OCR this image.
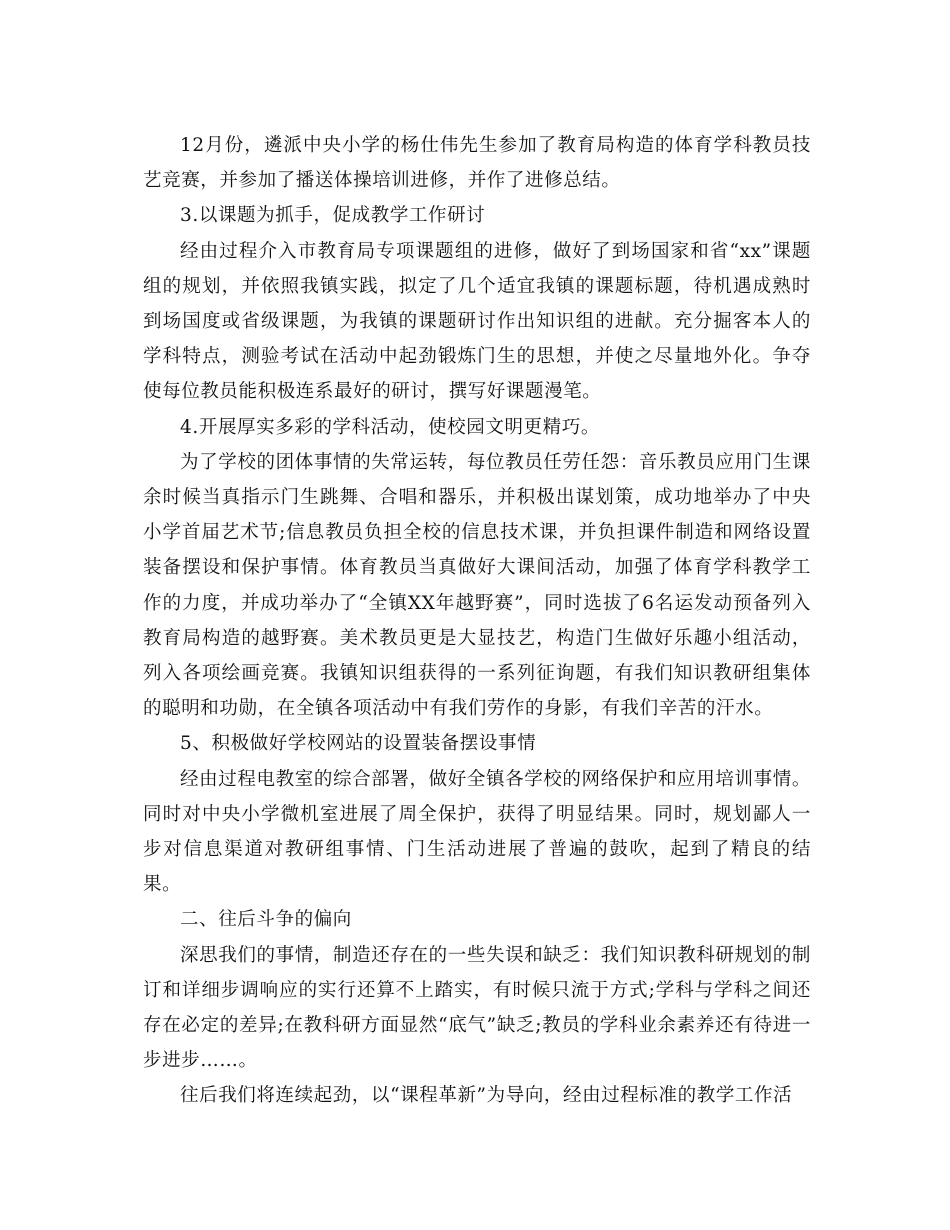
12月份，遴派中央小学的杨仕伟先生参加了教育局构造的体育学科教员技艺竞赛，并参加了播送体操培训进修，并作了进修总结。

3.以课题为抓手，促成教学工作研讨

经由过程介入市教育局专项课题组的进修，做好了到场国家和省“xx”课题组的规划，并依照我镇实践，拟定了几个适宜我镇的课题标题，待机遇成熟时到场国度或省级课题，为我镇的课题研讨作出知识组的进献。充分掘客本人的学科特点，测验考试在活动中起劲锻炼门生的思想，并使之尽量地外化。争夺使每位教员能积极连系最好的研讨，撰写好课题漫笔。

4.开展厚实多彩的学科活动，使校园文明更精巧。

为了学校的团体事情的失常运转，每位教员任劳任怨：音乐教员应用门生课余时候当真指示门生跳舞、合唱和器乐，并积极出谋划策，成功地举办了中央小学首届艺术节;信息教员负担全校的信息技术课，并负担课件制造和网络设置装备摆设和保护事情。体育教员当真做好大课间活动，加强了体育学科教学工作的力度，并成功举办了“全镇XX年越野赛”，同时选拔了6名运发动预备列入教育局构造的越野赛。美术教员更是大显技艺，构造门生做好乐趣小组活动，列入各项绘画竞赛。我镇知识组获得的一系列征询题，有我们知识教研组集体的聪明和功勋，在全镇各项活动中有我们劳作的身影，有我们辛苦的汗水。

5、积极做好学校网站的设置装备摆设事情

经由过程电教室的综合部署，做好全镇各学校的网络保护和应用培训事情。同时对中央小学微机室进展了周全保护，获得了明显结果。同时，规划鄙人一步对信息渠道对教研组事情、门生活动进展了普遍的鼓吹，起到了精良的结果。

二、往后斗争的偏向

深思我们的事情，制造还存在的一些失误和缺乏：我们知识教科研规划的制订和详细步调响应的实行还算不上踏实，有时候只流于方式;学科与学科之间还存在必定的差异;在教科研方面显然“底气”缺乏;教员的学科业余素养还有待进一步进步……。

往后我们将连续起劲，以“课程革新”为导向，经由过程标准的教学工作活
